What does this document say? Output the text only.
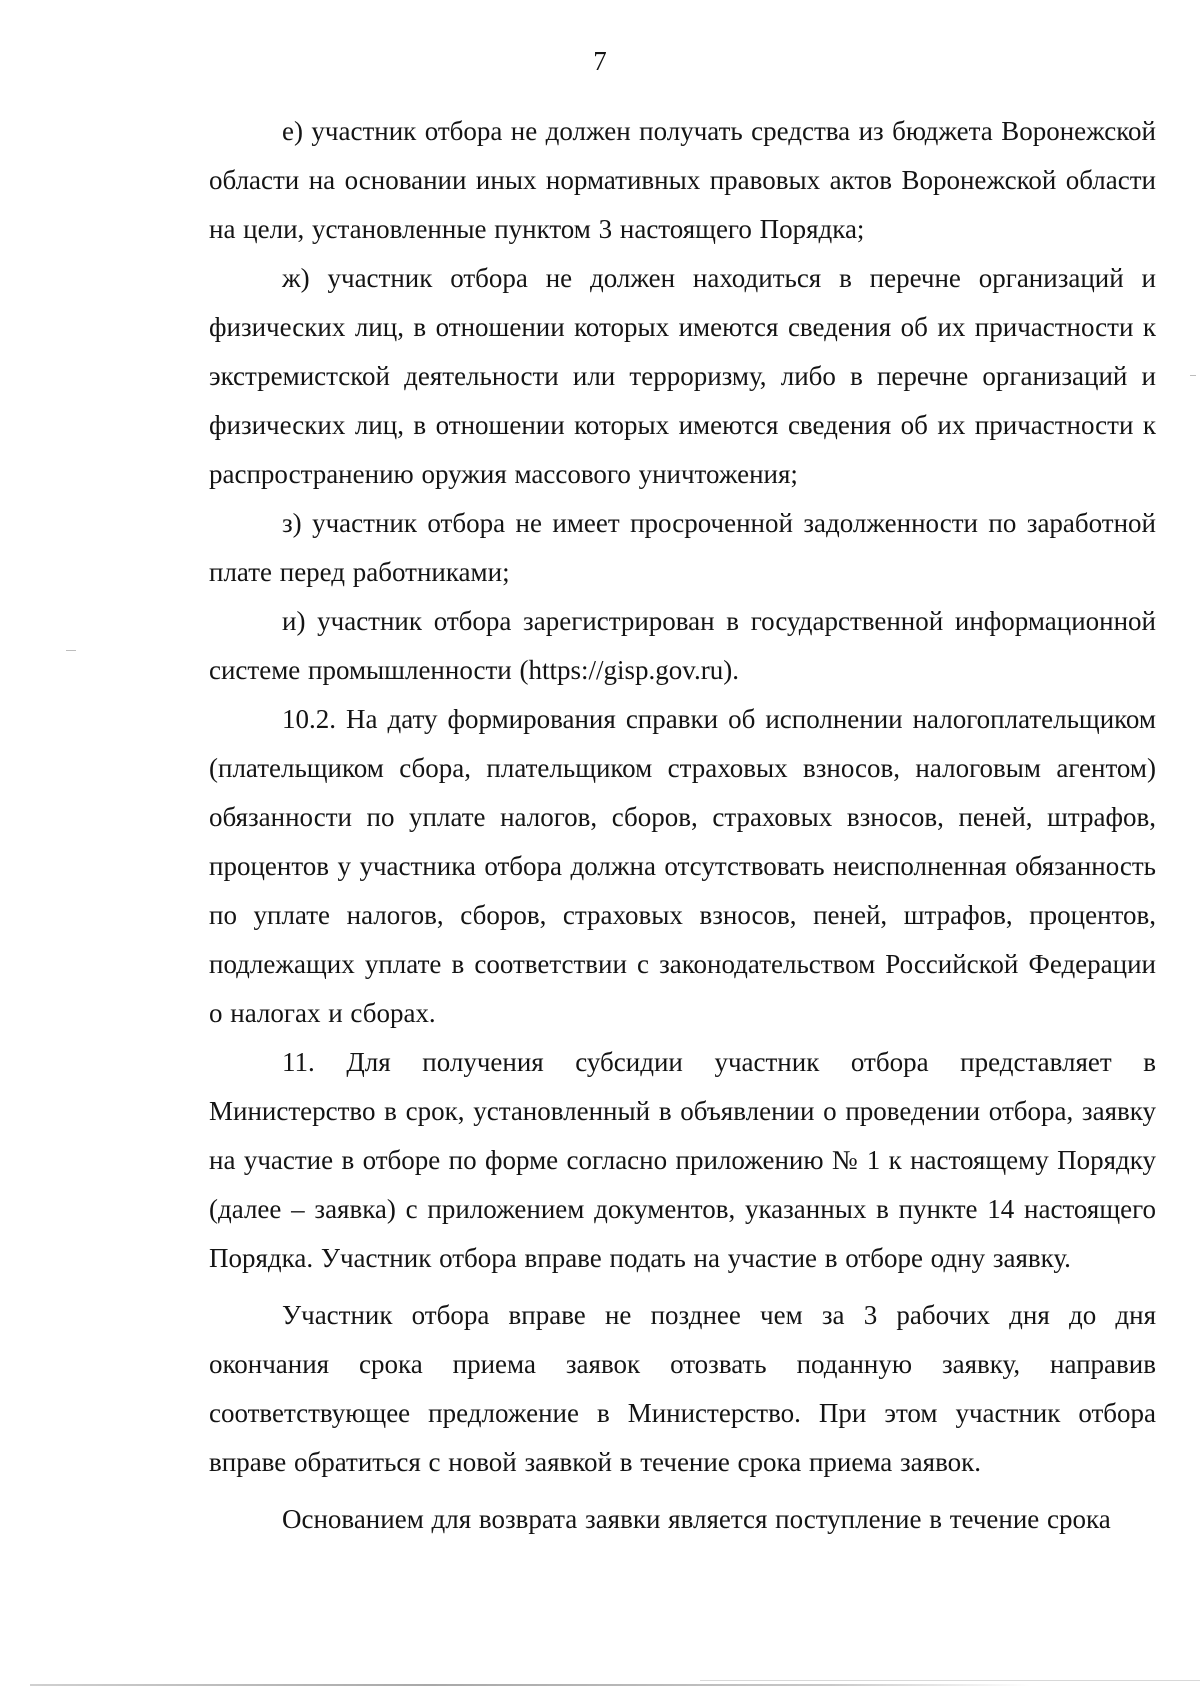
7

е) участник отбора не должен получать средства из бюджета Воронежской области на основании иных нормативных правовых актов Воронежской области на цели, установленные пунктом 3 настоящего Порядка;

ж) участник отбора не должен находиться в перечне организаций и физических лиц, в отношении которых имеются сведения об их причастности к экстремистской деятельности или терроризму, либо в перечне организаций и физических лиц, в отношении которых имеются сведения об их причастности к распространению оружия массового уничтожения;

з) участник отбора не имеет просроченной задолженности по заработной плате перед работниками;

и) участник отбора зарегистрирован в государственной информационной системе промышленности (https://gisp.gov.ru).

10.2. На дату формирования справки об исполнении налогоплательщиком (плательщиком сбора, плательщиком страховых взносов, налоговым агентом) обязанности по уплате налогов, сборов, страховых взносов, пеней, штрафов, процентов у участника отбора должна отсутствовать неисполненная обязанность по уплате налогов, сборов, страховых взносов, пеней, штрафов, процентов, подлежащих уплате в соответствии с законодательством Российской Федерации о налогах и сборах.

11. Для получения субсидии участник отбора представляет в Министерство в срок, установленный в объявлении о проведении отбора, заявку на участие в отборе по форме согласно приложению № 1 к настоящему Порядку (далее – заявка) с приложением документов, указанных в пункте 14 настоящего Порядка. Участник отбора вправе подать на участие в отборе одну заявку.

Участник отбора вправе не позднее чем за 3 рабочих дня до дня окончания срока приема заявок отозвать поданную заявку, направив соответствующее предложение в Министерство. При этом участник отбора вправе обратиться с новой заявкой в течение срока приема заявок.

Основанием для возврата заявки является поступление в течение срока
